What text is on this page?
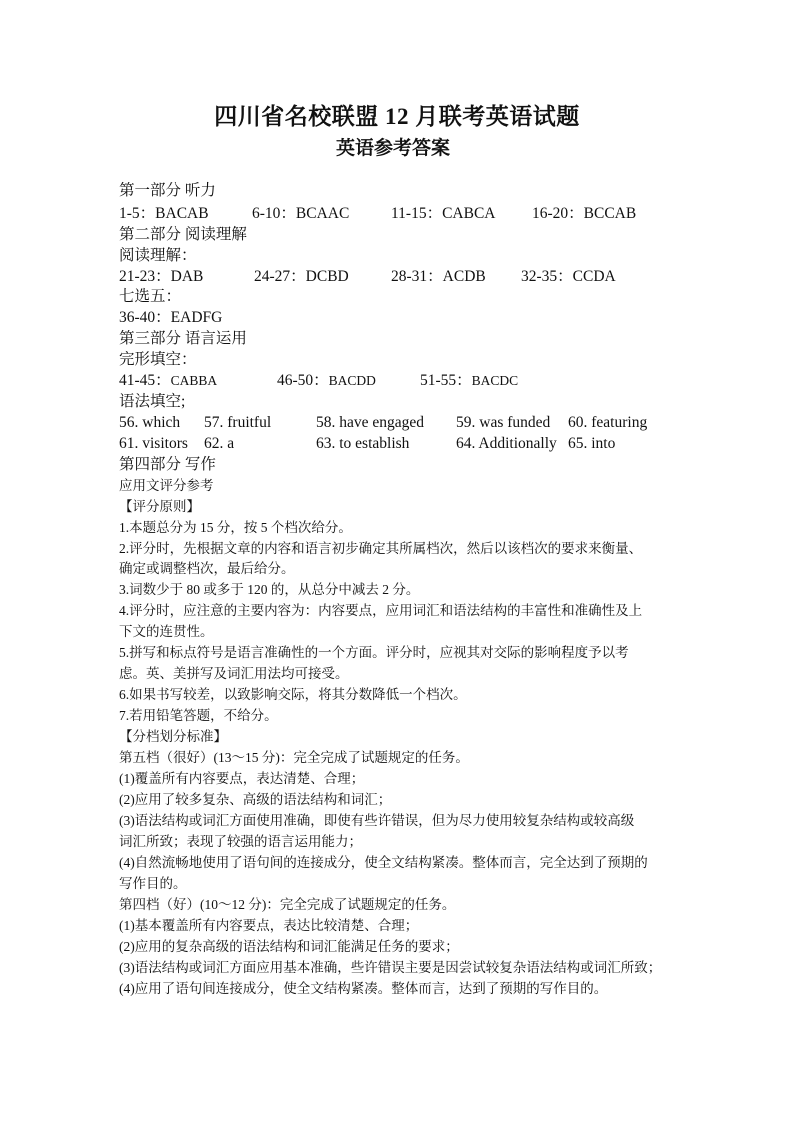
四川省名校联盟 12 月联考英语试题
英语参考答案
第一部分 听力
1-5：BACAB	6-10：BCAAC	11-15：CABCA 16-20：BCCAB
第二部分 阅读理解
阅读理解：
21-23：DAB	24-27：DCBD	28-31：ACDB 32-35：CCDA
七选五：
36-40：EADFG
第三部分 语言运用
完形填空：
41-45：CABBA	46-50：BACDD	51-55：BACDC
语法填空;
56. which 57. fruitful	58. have engaged 59. was funded 60. featuring
61. visitors 62. a	63. to establish	64. Additionally 65. into
第四部分 写作
应用文评分参考
【评分原则】
1.本题总分为 15 分，按 5 个档次给分。
2.评分时，先根据文章的内容和语言初步确定其所属档次，然后以该档次的要求来衡量、
确定或调整档次，最后给分。
3.词数少于 80 或多于 120 的，从总分中减去 2 分。
4.评分时，应注意的主要内容为：内容要点，应用词汇和语法结构的丰富性和准确性及上
下文的连贯性。
5.拼写和标点符号是语言准确性的一个方面。评分时，应视其对交际的影响程度予以考
虑。英、美拼写及词汇用法均可接受。
6.如果书写较差，以致影响交际，将其分数降低一个档次。
7.若用铅笔答题，不给分。
【分档划分标准】
第五档（很好）(13～15 分)：完全完成了试题规定的任务。
(1)覆盖所有内容要点，表达清楚、合理；
(2)应用了较多复杂、高级的语法结构和词汇；
(3)语法结构或词汇方面使用准确，即使有些许错误，但为尽力使用较复杂结构或较高级
词汇所致；表现了较强的语言运用能力；
(4)自然流畅地使用了语句间的连接成分，使全文结构紧凑。整体而言，完全达到了预期的
写作目的。
第四档（好）(10～12 分)：完全完成了试题规定的任务。
(1)基本覆盖所有内容要点，表达比较清楚、合理；
(2)应用的复杂高级的语法结构和词汇能满足任务的要求；
(3)语法结构或词汇方面应用基本准确，些许错误主要是因尝试较复杂语法结构或词汇所致；
(4)应用了语句间连接成分，使全文结构紧凑。整体而言，达到了预期的写作目的。
